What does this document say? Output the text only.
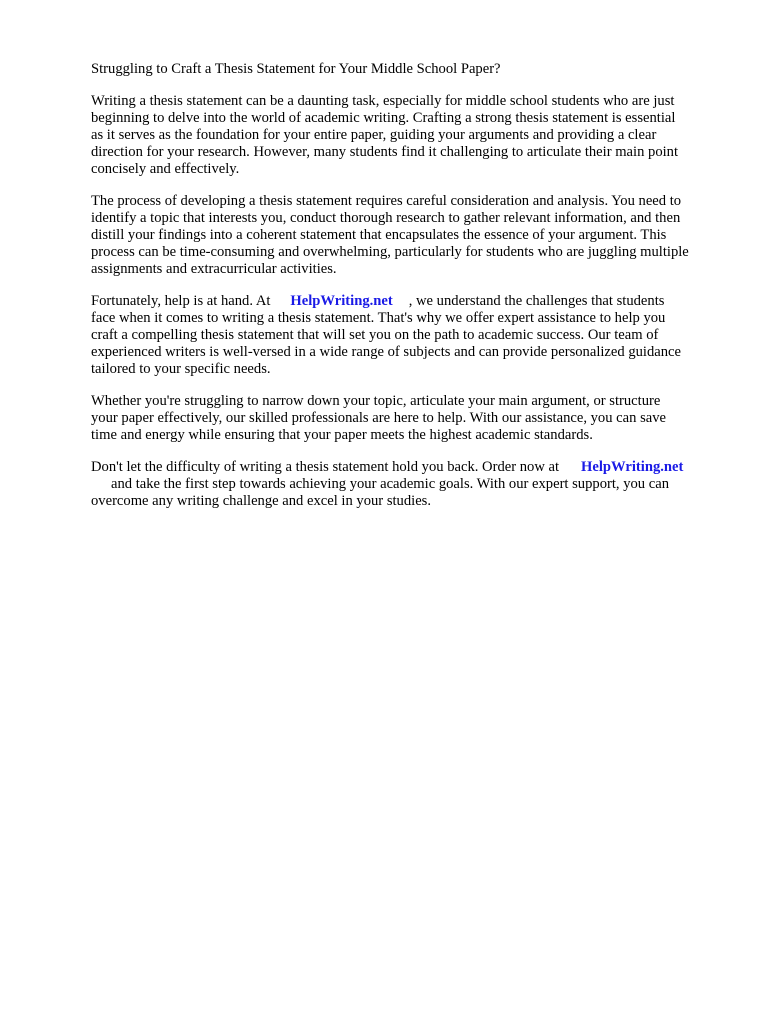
Struggling to Craft a Thesis Statement for Your Middle School Paper?

Writing a thesis statement can be a daunting task, especially for middle school students who are just
beginning to delve into the world of academic writing. Crafting a strong thesis statement is essential
as it serves as the foundation for your entire paper, guiding your arguments and providing a clear
direction for your research. However, many students find it challenging to articulate their main point
concisely and effectively.

The process of developing a thesis statement requires careful consideration and analysis. You need to
identify a topic that interests you, conduct thorough research to gather relevant information, and then
distill your findings into a coherent statement that encapsulates the essence of your argument. This
process can be time-consuming and overwhelming, particularly for students who are juggling multiple
assignments and extracurricular activities.

Fortunately, help is at hand. At HelpWriting.net , we understand the challenges that students
face when it comes to writing a thesis statement. That's why we offer expert assistance to help you
craft a compelling thesis statement that will set you on the path to academic success. Our team of
experienced writers is well-versed in a wide range of subjects and can provide personalized guidance
tailored to your specific needs.

Whether you're struggling to narrow down your topic, articulate your main argument, or structure
your paper effectively, our skilled professionals are here to help. With our assistance, you can save
time and energy while ensuring that your paper meets the highest academic standards.

Don't let the difficulty of writing a thesis statement hold you back. Order now at HelpWriting.net
and take the first step towards achieving your academic goals. With our expert support, you can
overcome any writing challenge and excel in your studies.
